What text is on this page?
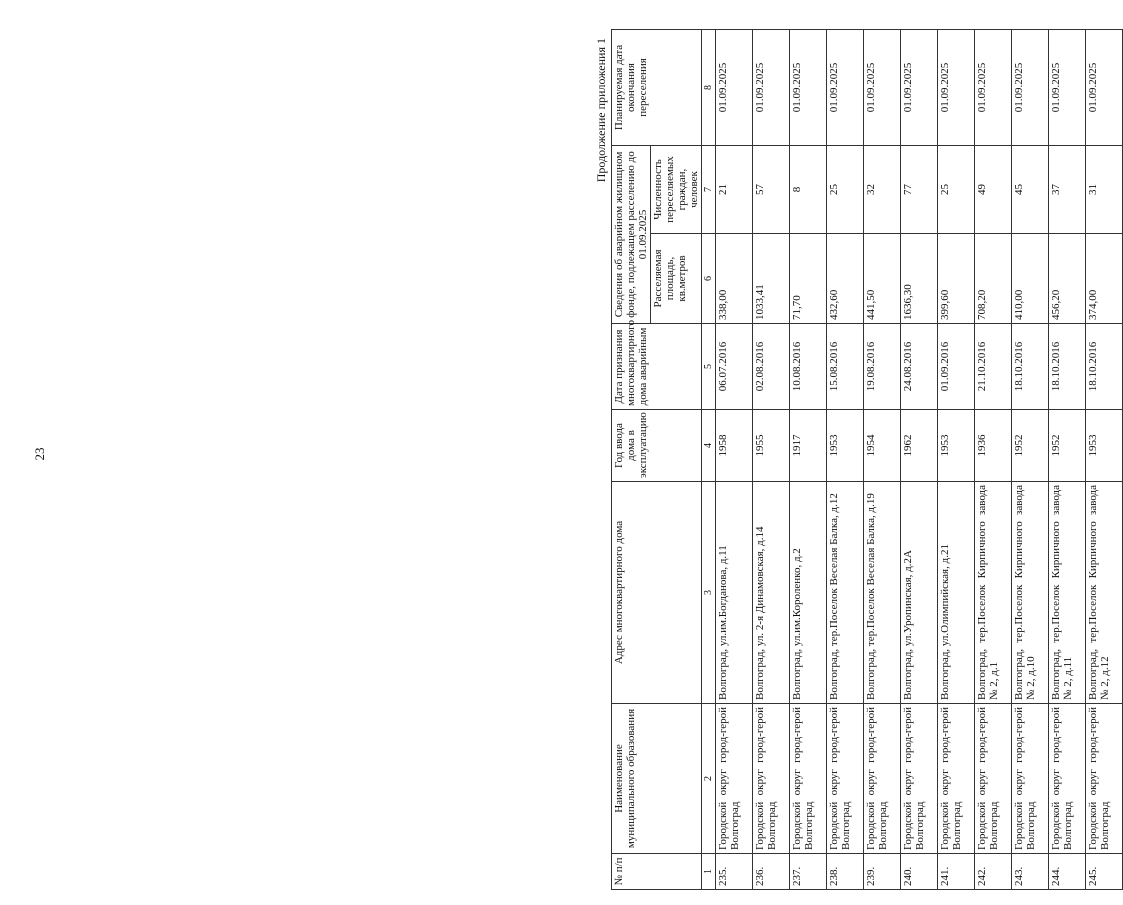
23
Продолжение приложения 1
№ п/п	Наименование муниципального образования	Адрес многоквартирного дома	Год ввода дома в эксплуатацию	Дата признания многоквартирного дома аварийным	Сведения об аварийном жилищном фонде, подлежащем расселению до 01.09.2025		Планируемая дата окончания переселения
					Расселяемая площадь, кв.метров	Численность переселяемых граждан, человек	
1	2	3	4	5	6	7	8
235.	Городской округ город-герой Волгоград	Волгоград, ул.им.Богданова, д.11	1958	06.07.2016	338,00	21	01.09.2025
236.	Городской округ город-герой Волгоград	Волгоград, ул. 2-я Динамовская, д.14	1955	02.08.2016	1033,41	57	01.09.2025
237.	Городской округ город-герой Волгоград	Волгоград, ул.им.Короленко, д.2	1917	10.08.2016	71,70	8	01.09.2025
238.	Городской округ город-герой Волгоград	Волгоград, тер.Поселок Веселая Балка, д.12	1953	15.08.2016	432,60	25	01.09.2025
239.	Городской округ город-герой Волгоград	Волгоград, тер.Поселок Веселая Балка, д.19	1954	19.08.2016	441,50	32	01.09.2025
240.	Городской округ город-герой Волгоград	Волгоград, ул.Уропинская, д.2А	1962	24.08.2016	1636,30	77	01.09.2025
241.	Городской округ город-герой Волгоград	Волгоград, ул.Олимпийская, д.21	1953	01.09.2016	399,60	25	01.09.2025
242.	Городской округ город-герой Волгоград	Волгоград, тер.Поселок Кирпичного завода № 2, д.1	1936	21.10.2016	708,20	49	01.09.2025
243.	Городской округ город-герой Волгоград	Волгоград, тер.Поселок Кирпичного завода № 2, д.10	1952	18.10.2016	410,00	45	01.09.2025
244.	Городской округ город-герой Волгоград	Волгоград, тер.Поселок Кирпичного завода № 2, д.11	1952	18.10.2016	456,20	37	01.09.2025
245.	Городской округ город-герой Волгоград	Волгоград, тер.Поселок Кирпичного завода № 2, д.12	1953	18.10.2016	374,00	31	01.09.2025
